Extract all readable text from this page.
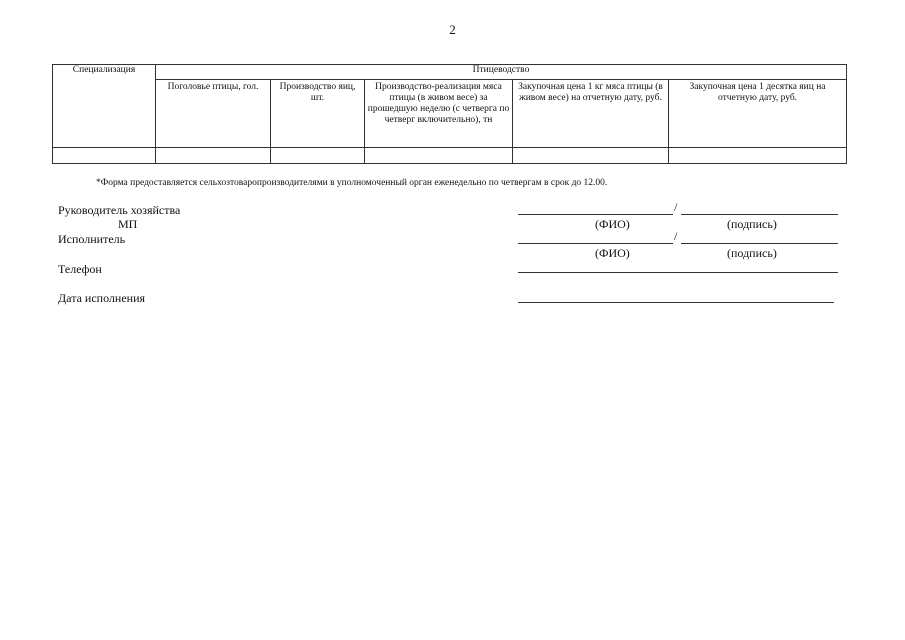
2
Специализация	Птицеводство				
	Поголовье птицы, гол.	Производство яиц, шт.	Производство-реализация мяса птицы (в живом весе) за прошедшую неделю (с четверга по четверг включительно), тн	Закупочная цена 1 кг мяса птицы (в живом весе) на отчетную дату, руб.	Закупочная цена 1 десятка яиц на отчетную дату, руб.

*Форма предоставляется сельхозтоваропроизводителями в уполномоченный орган еженедельно по четвергам в срок до 12.00.
Руководитель хозяйства	/
МП	(ФИО)	(подпись)
Исполнитель	/
(ФИО)	(подпись)
Телефон
Дата исполнения
